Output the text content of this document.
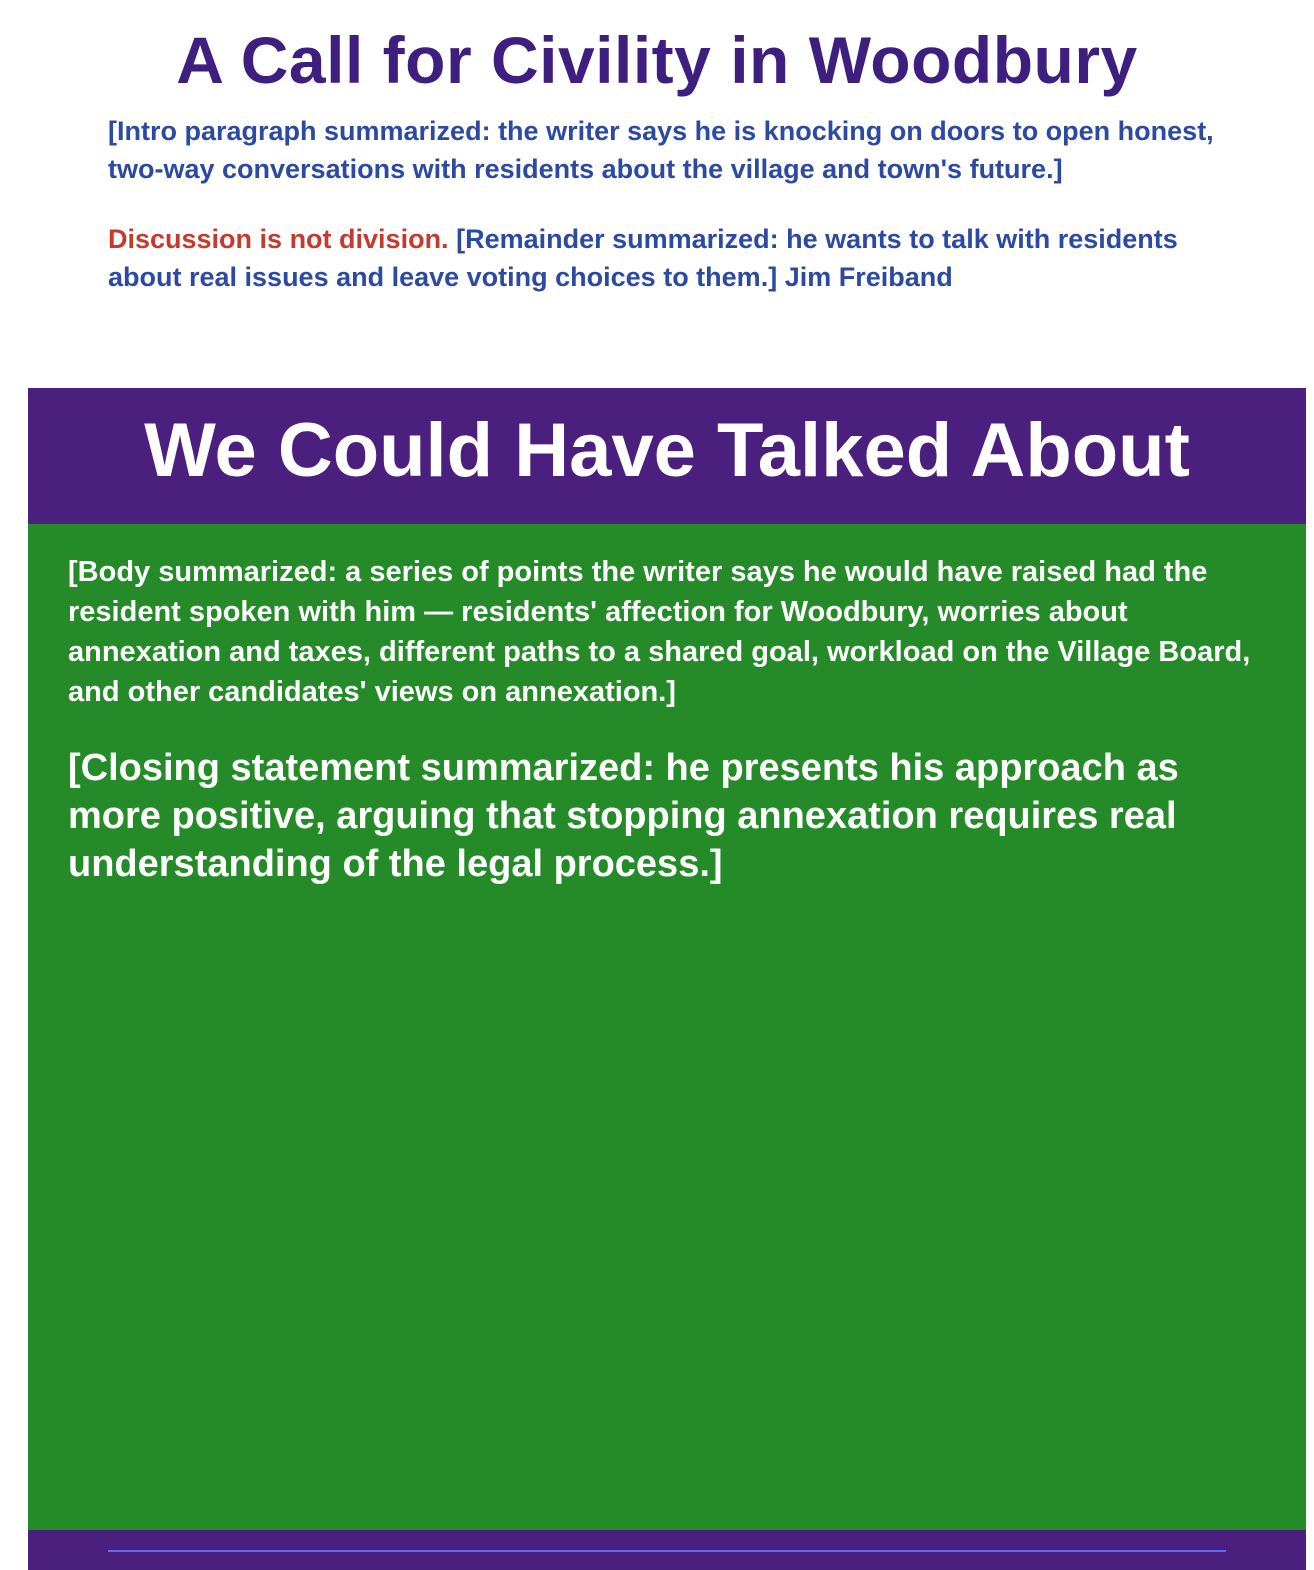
A Call for Civility in Woodbury

[Intro paragraph summarized: the writer says he is knocking on doors to open honest, two-way conversations with residents about the village and town's future.]

Discussion is not division. [Remainder summarized: he wants to talk with residents about real issues and leave voting choices to them.] Jim Freiband

We Could Have Talked About

[Body summarized: a series of points the writer says he would have raised had the resident spoken with him — residents' affection for Woodbury, worries about annexation and taxes, different paths to a shared goal, workload on the Village Board, and other candidates' views on annexation.]

[Closing statement summarized: he presents his approach as more positive, arguing that stopping annexation requires real understanding of the legal process.]
